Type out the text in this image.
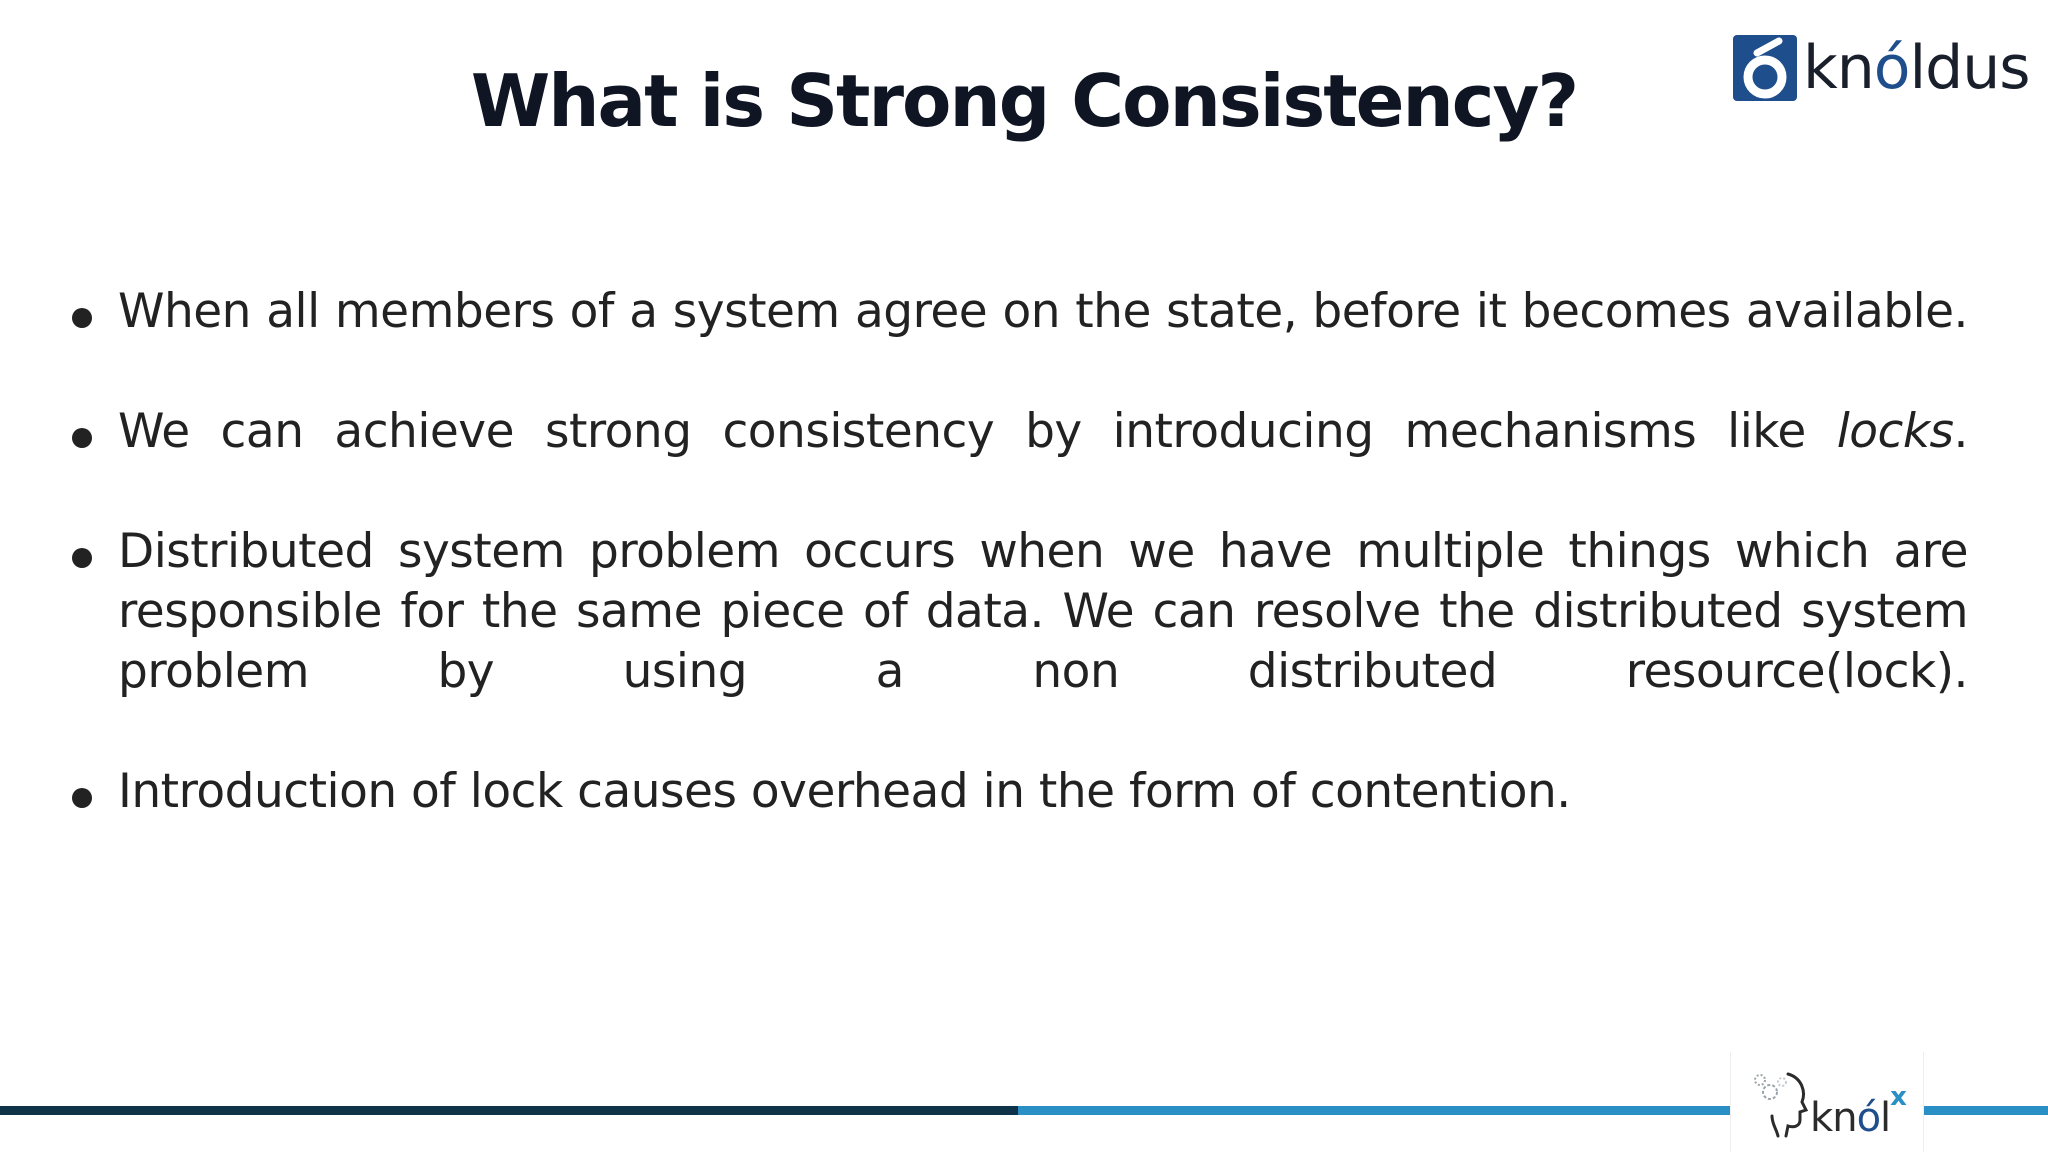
What is Strong Consistency?	knóldus
When all members of a system agree on the state, before it becomes available.
We can achieve strong consistency by introducing mechanisms like locks.
Distributed system problem occurs when we have multiple things which are responsible for the same piece of data. We can resolve the distributed system problem by using a non distributed resource(lock).
Introduction of lock causes overhead in the form of contention.
knól$^x$
